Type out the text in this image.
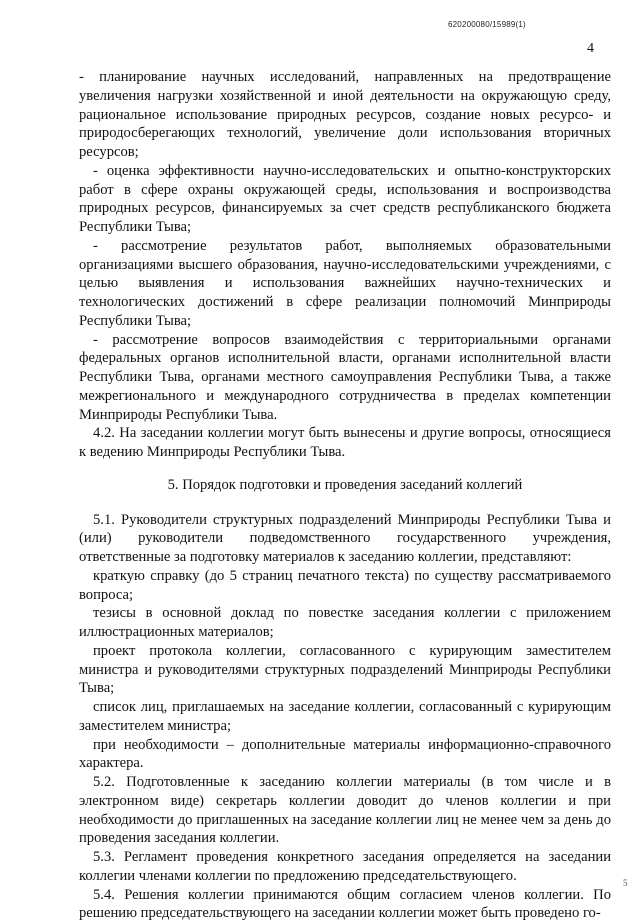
620200080/15989(1)
4

- планирование научных исследований, направленных на предотвращение увеличения нагрузки хозяйственной и иной деятельности на окружающую среду, рациональное использование природных ресурсов, создание новых ресурсо- и природосберегающих технологий, увеличение доли использования вторичных ресурсов;

- оценка эффективности научно-исследовательских и опытно-конструкторских работ в сфере охраны окружающей среды, использования и воспроизводства природных ресурсов, финансируемых за счет средств республиканского бюджета Республики Тыва;

- рассмотрение результатов работ, выполняемых образовательными организациями высшего образования, научно-исследовательскими учреждениями, с целью выявления и использования важнейших научно-технических и технологических достижений в сфере реализации полномочий Минприроды Республики Тыва;

- рассмотрение вопросов взаимодействия с территориальными органами федеральных органов исполнительной власти, органами исполнительной власти Республики Тыва, органами местного самоуправления Республики Тыва, а также межрегионального и международного сотрудничества в пределах компетенции Минприроды Республики Тыва.

4.2. На заседании коллегии могут быть вынесены и другие вопросы, относящиеся к ведению Минприроды Республики Тыва.

5. Порядок подготовки и проведения заседаний коллегий

5.1. Руководители структурных подразделений Минприроды Республики Тыва и (или) руководители подведомственного государственного учреждения, ответственные за подготовку материалов к заседанию коллегии, представляют:

краткую справку (до 5 страниц печатного текста) по существу рассматриваемого вопроса;

тезисы в основной доклад по повестке заседания коллегии с приложением иллюстрационных материалов;

проект протокола коллегии, согласованного с курирующим заместителем министра и руководителями структурных подразделений Минприроды Республики Тыва;

список лиц, приглашаемых на заседание коллегии, согласованный с курирующим заместителем министра;

при необходимости – дополнительные материалы информационно-справочного характера.

5.2. Подготовленные к заседанию коллегии материалы (в том числе и в электронном виде) секретарь коллегии доводит до членов коллегии и при необходимости до приглашенных на заседание коллегии лиц не менее чем за день до проведения заседания коллегии.

5.3. Регламент проведения конкретного заседания определяется на заседании коллегии членами коллегии по предложению председательствующего.

5.4. Решения коллегии принимаются общим согласием членов коллегии. По решению председательствующего на заседании коллегии может быть проведено го-

5
